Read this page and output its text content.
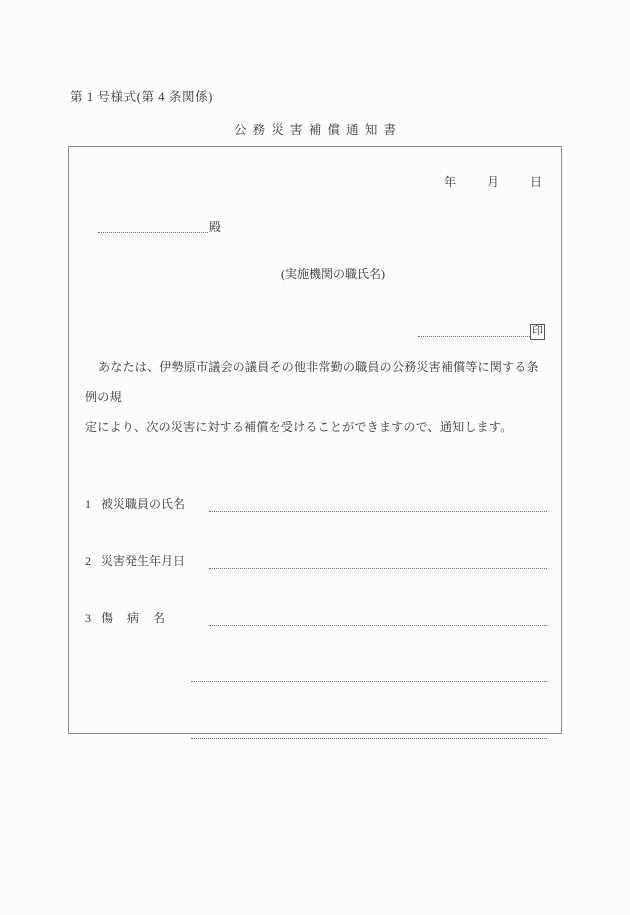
第 1 号様式(第 4 条関係)
公務災害補償通知書
年	月	日
殿
(実施機関の職氏名)
印

あなたは、伊勢原市議会の議員その他非常勤の職員の公務災害補償等に関する条例の規

定により、次の災害に対する補償を受けることができますので、通知します。

1 被災職員の氏名
2 災害発生年月日
3 傷病名
